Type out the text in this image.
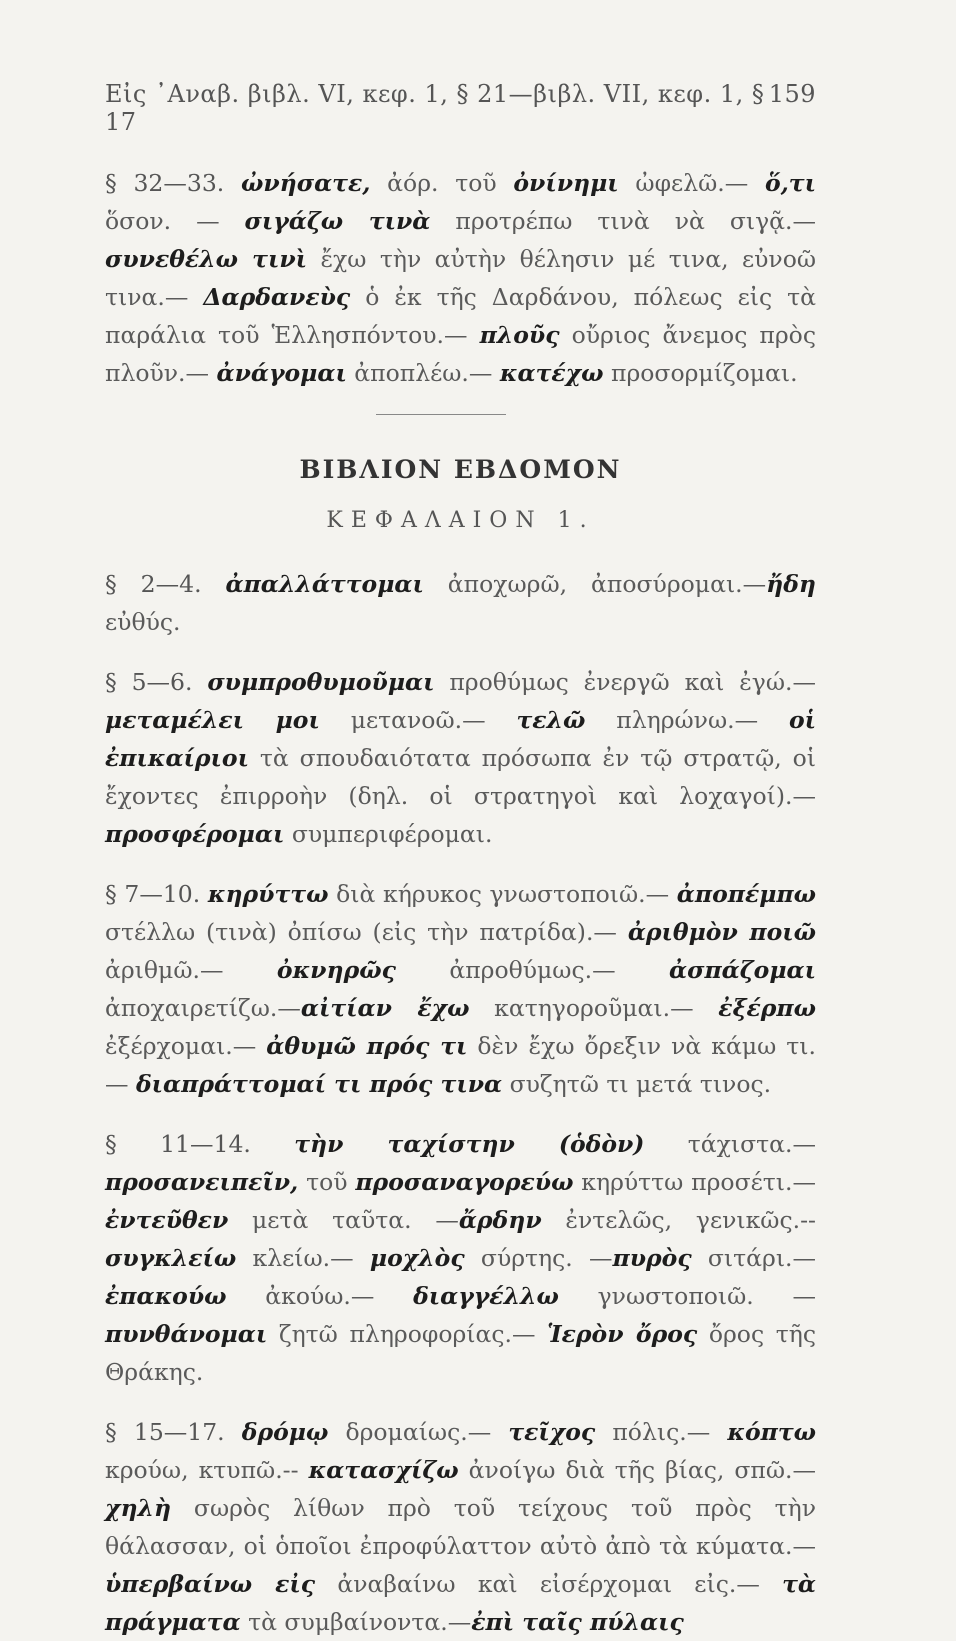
Εἰς ᾿Αναβ. βιβλ. VI, κεφ. 1, § 21—βιβλ. VII, κεφ. 1, § 17
159

§ 32—33. ὠνήσατε, ἀόρ. τοῦ ὀνίνημι ὠφελῶ.— ὅ,τι ὅσον. — σιγάζω τινὰ προτρέπω τινὰ νὰ σιγᾷ.— συνεθέλω τινὶ ἔχω τὴν αὐτὴν θέλησιν μέ τινα, εὐνοῶ τινα.— Δαρδανεὺς ὁ ἐκ τῆς Δαρδάνου, πόλεως εἰς τὰ παράλια τοῦ Ἑλλησπόντου.— πλοῦς οὔριος ἄνεμος πρὸς πλοῦν.— ἀνάγομαι ἀποπλέω.— κατέχω προσορμίζομαι.

ΒΙΒΛΙΟΝ ΕΒΔΟΜΟΝ
ΚΕΦΑΛΑΙΟΝ 1.

§ 2—4. ἀπαλλάττομαι ἀποχωρῶ, ἀποσύρομαι.—ἤδη εὐθύς.

§ 5—6. συμπροθυμοῦμαι προθύμως ἐνεργῶ καὶ ἐγώ.—μεταμέλει μοι μετανοῶ.— τελῶ πληρώνω.— οἱ ἐπικαίριοι τὰ σπουδαιότατα πρόσωπα ἐν τῷ στρατῷ, οἱ ἔχοντες ἐπιρροὴν (δηλ. οἱ στρατηγοὶ καὶ λοχαγοί).— προσφέρομαι συμπεριφέρομαι.

§ 7—10. κηρύττω διὰ κήρυκος γνωστοποιῶ.— ἀποπέμπω στέλλω (τινὰ) ὀπίσω (εἰς τὴν πατρίδα).— ἀριθμὸν ποιῶ ἀριθμῶ.— ὀκνηρῶς ἀπροθύμως.— ἀσπάζομαι ἀποχαιρετίζω.—αἰτίαν ἔχω κατηγοροῦμαι.— ἐξέρπω ἐξέρχομαι.— ἀθυμῶ πρός τι δὲν ἔχω ὄρεξιν νὰ κάμω τι.— διαπράττομαί τι πρός τινα συζητῶ τι μετά τινος.

§ 11—14. τὴν ταχίστην (ὁδὸν) τάχιστα.— προσανειπεῖν, τοῦ προσαναγορεύω κηρύττω προσέτι.— ἐντεῦθεν μετὰ ταῦτα. —ἄρδην ἐντελῶς, γενικῶς.-- συγκλείω κλείω.— μοχλὸς σύρτης. —πυρὸς σιτάρι.— ἐπακούω ἀκούω.— διαγγέλλω γνωστοποιῶ. —πυνθάνομαι ζητῶ πληροφορίας.— Ἱερὸν ὄρος ὄρος τῆς Θράκης.

§ 15—17. δρόμῳ δρομαίως.— τεῖχος πόλις.— κόπτω κρούω, κτυπῶ.-- κατασχίζω ἀνοίγω διὰ τῆς βίας, σπῶ.— χηλὴ σωρὸς λίθων πρὸ τοῦ τείχους τοῦ πρὸς τὴν θάλασσαν, οἱ ὁποῖοι ἐπροφύλαττον αὐτὸ ἀπὸ τὰ κύματα.—ὑπερβαίνω εἰς ἀναβαίνω καὶ εἰσέρχομαι εἰς.— τὰ πράγματα τὰ συμβαίνοντα.—ἐπὶ ταῖς πύλαις
